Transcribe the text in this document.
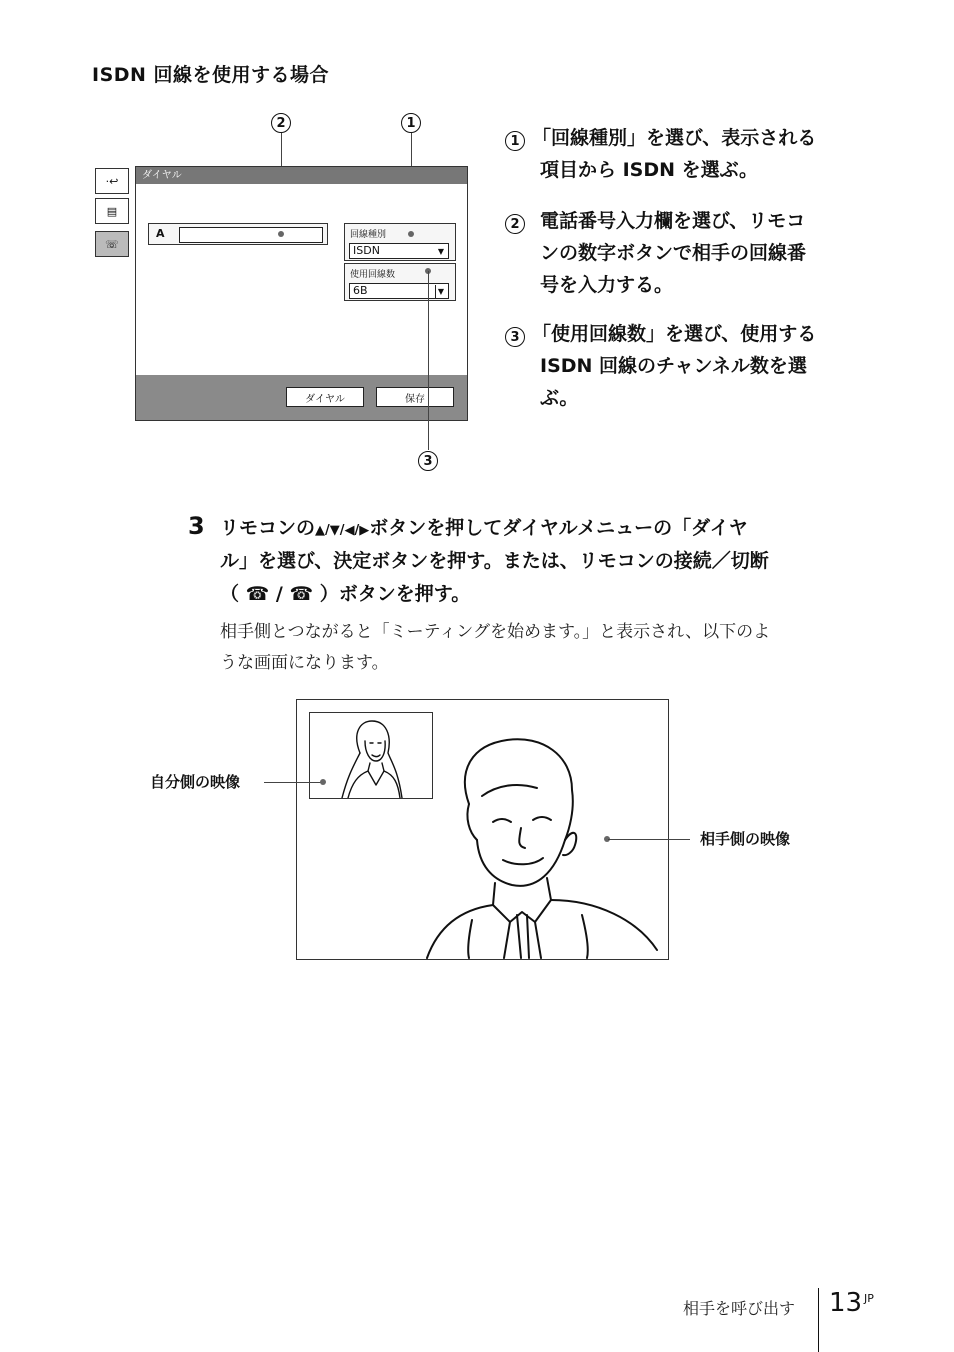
ISDN 回線を使用する場合
2	1
·↩
▤
☏
ダイヤル
A	回線種別
ISDN	▼
使用回線数
6B	▼
ダイヤル	保存
3
1 「回線種別」を選び、表示される
項目から ISDN を選ぶ。
2 電話番号入力欄を選び、リモコ
ンの数字ボタンで相手の回線番
号を入力する。
3 「使用回線数」を選び、使用する
ISDN 回線のチャンネル数を選
ぶ。
3 リモコンの▲/▼/◀/▶ボタンを押してダイヤルメニューの「ダイヤ
ル」を選び、決定ボタンを押す。または、リモコンの接続／切断
（ ☎ / ☎ ）ボタンを押す。
相手側とつながると「ミーティングを始めます。」と表示され、以下のよ
うな画面になります。
自分側の映像
相手側の映像
相手を呼び出す 13 JP
